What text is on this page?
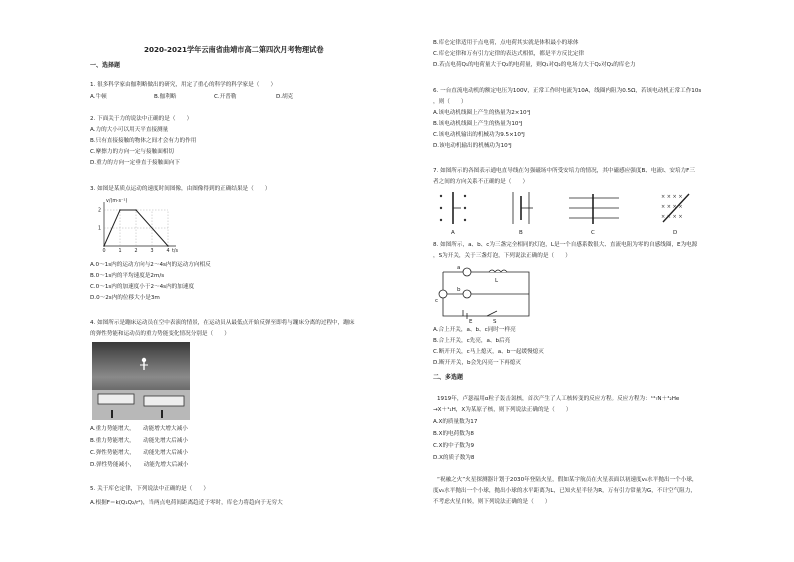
2020-2021学年云南省曲靖市高二第四次月考物理试卷
一、选择题
1. 很多科学家由伽利略做出的研究，用定了重心的科学的科学家是（　　）
A.牛顿	B.伽利略	C.开普勒	D.胡克
2. 下面关于力的说法中正确的是（　　）
A.力的大小可以用天平直接测量
B.只有直接接触的物体之间才会有力的作用
C.摩擦力的方向一定与接触面相切
D.重力的方向一定垂直于接触面向下
3. 如图是某质点运动的速度时间图像，由图像得到的正确结果是（　　）
0	1	2	3	4
2
1
t/s
v/(m·s⁻¹)
A.0～1s内的运动方向与2～4s内的运动方向相反
B.0～1s内的平均速度是2m/s
C.0～1s内的加速度小于2～4s内的加速度
D.0～2s内的位移大小是3m
4. 如图所示是蹦床运动员在空中表演的情景，在运动员从最低点开始反弹至即将与蹦床分离的过程中，蹦床
的弹性势能和运动员的重力势能变化情况分别是（　　）
A.重力势能增大，　　动能增大增大减小
B.重力势能增大，　　动能先增大后减小
C.弹性势能增大，　　动能先增大后减小
D.弹性势能减小，　　动能先增大后减小
5. 关于库仑定律，下列说法中正确的是（　　）
A.根据F＝k(Q₁Q₂/r²)，当两点电荷间距离趋近于零时，库仑力将趋向于无穷大
B.库仑定律适用于点电荷，点电荷其实就是体积最小的球体
C.库仑定律和万有引力定律的表达式相似，都是平方反比定律
D.若点电荷Q₁的电荷量大于Q₂的电荷量，则Q₁对Q₂的电场力大于Q₂对Q₁的库仑力
6. 一台直流电动机的额定电压为100V，正常工作时电流为10A，线圈内阻为0.5Ω，若该电动机正常工作10s
，则（　　）
A.该电动机线圈上产生的热量为2×10⁴J
B.该电动机线圈上产生的热量为10⁴J
C.该电动机输出的机械功为9.5×10³J
D.该电动机输出的机械功为10⁴J
7. 如图所示的各图表示通电直导线在匀强磁场中所受安培力的情况，其中磁感应强度B、电流I、安培力F三
者之间的方向关系不正确的是（　　）
× × × ×
× × × ×
× × × ×
A	B	C	D
8. 如图所示，a、b、c为三盏完全相同的灯泡，L是一个自感系数很大、直流电阻为零的自感线圈，E为电源
，S为开关，关于三盏灯泡，下列说法正确的是（　　）
a
b
c
L
E	S
A.合上开关，a、b、c同时一样亮
B.合上开关，c先亮，a、b后亮
C.断开开关，c马上熄灭，a、b一起缓慢熄灭
D.断开开关，b会先闪亮一下再熄灭
二、多选题
1919年，卢瑟福用α粒子轰击氮核，首次产生了人工核转变的反应方程。反应方程为：¹⁴₇N＋⁴₂He
→X＋¹₁H，X为某原子核，则下列说法正确的是（　　）
A.X的质量数为17
B.X的电荷数为8
C.X的中子数为9
D.X的质子数为8
“祝融之火”火星探测器计划于2030年登陆火星，假如某宇航员在火星表面以初速度v₀水平抛出一个小球，
度v₀水平抛出一个小球，抛出小球的水平距离为L，已知火星半径为R，万有引力常量为G，不计空气阻力，
不考虑火星自转，则下列说法正确的是（　　）
